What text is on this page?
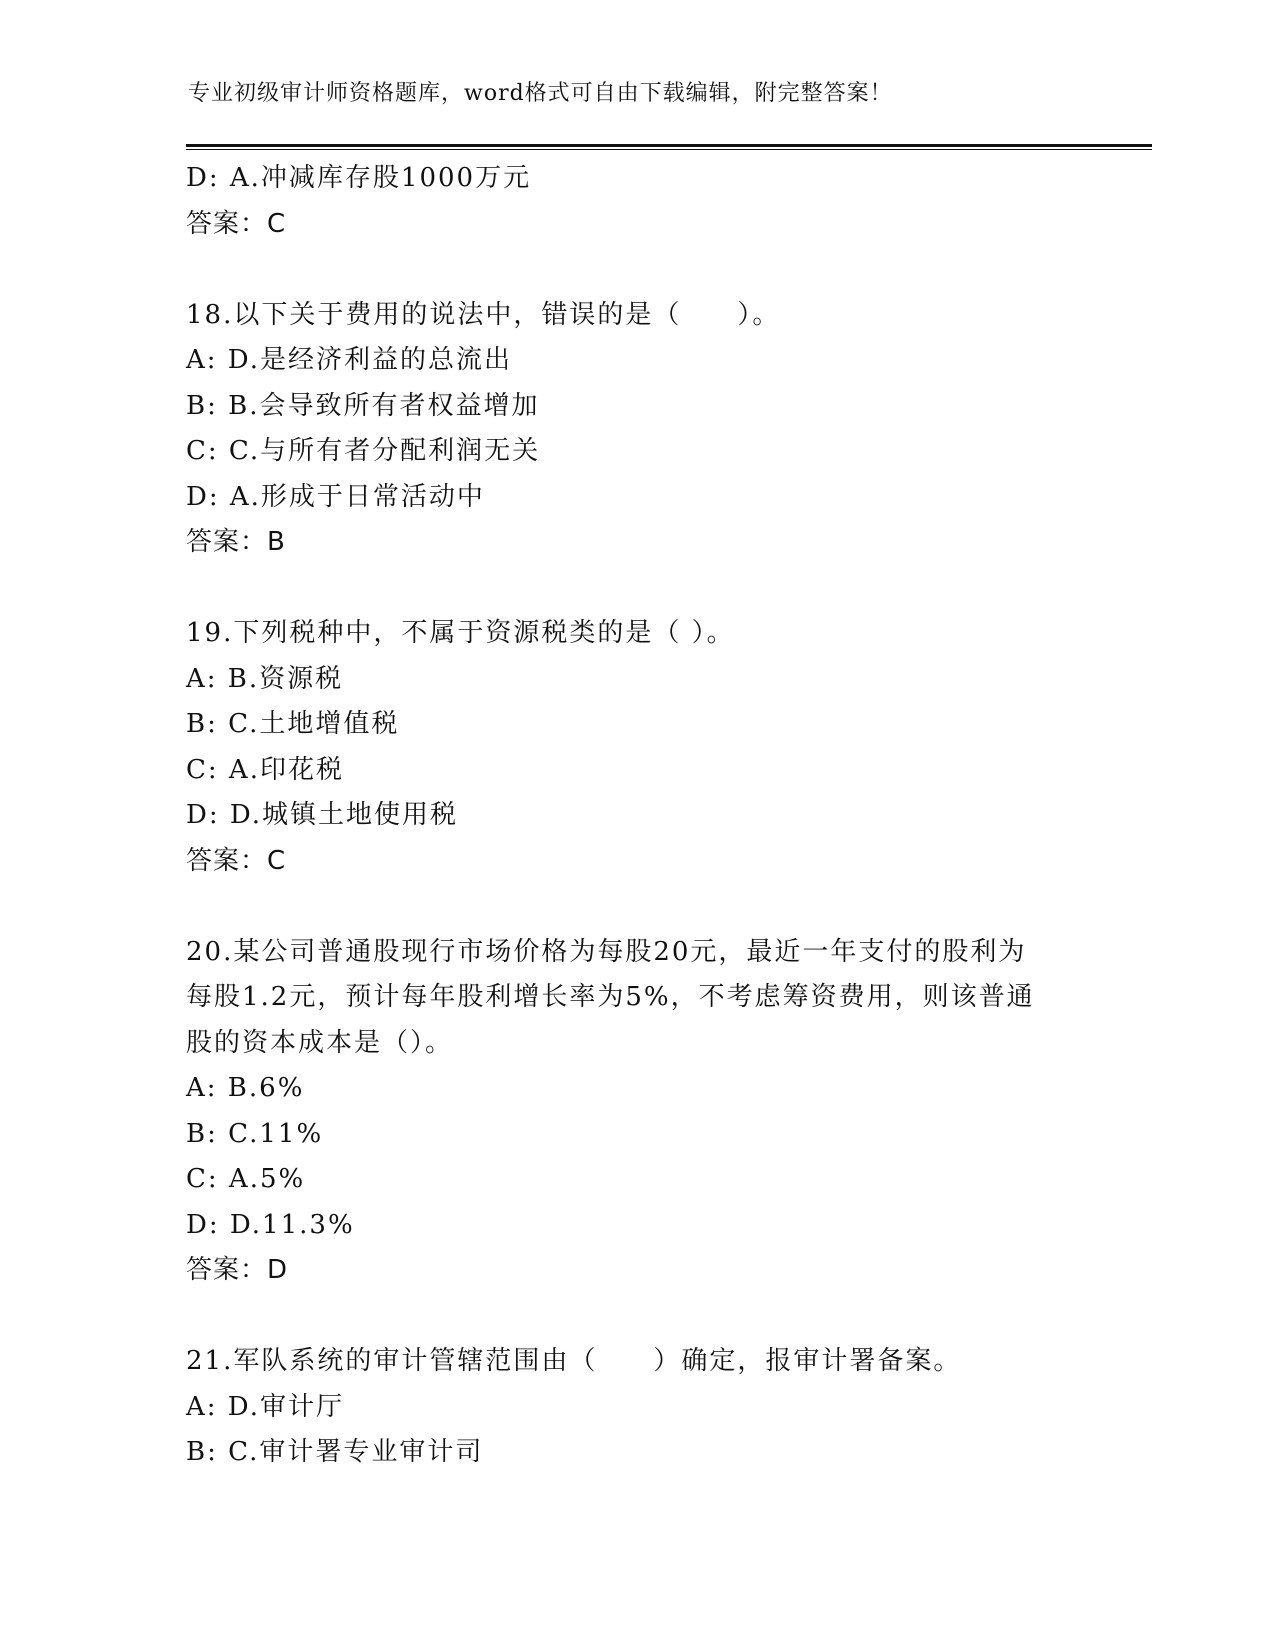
专业初级审计师资格题库，word格式可自由下载编辑，附完整答案！
D: A.冲减库存股1000万元
答案：C
18.以下关于费用的说法中，错误的是（　　）。
A: D.是经济利益的总流出
B: B.会导致所有者权益增加
C: C.与所有者分配利润无关
D: A.形成于日常活动中
答案：B
19.下列税种中，不属于资源税类的是（ ）。
A: B.资源税
B: C.土地增值税
C: A.印花税
D: D.城镇土地使用税
答案：C
20.某公司普通股现行市场价格为每股20元，最近一年支付的股利为
每股1.2元，预计每年股利增长率为5%，不考虑筹资费用，则该普通
股的资本成本是（）。
A: B.6%
B: C.11%
C: A.5%
D: D.11.3%
答案：D
21.军队系统的审计管辖范围由（　　）确定，报审计署备案。
A: D.审计厅
B: C.审计署专业审计司
